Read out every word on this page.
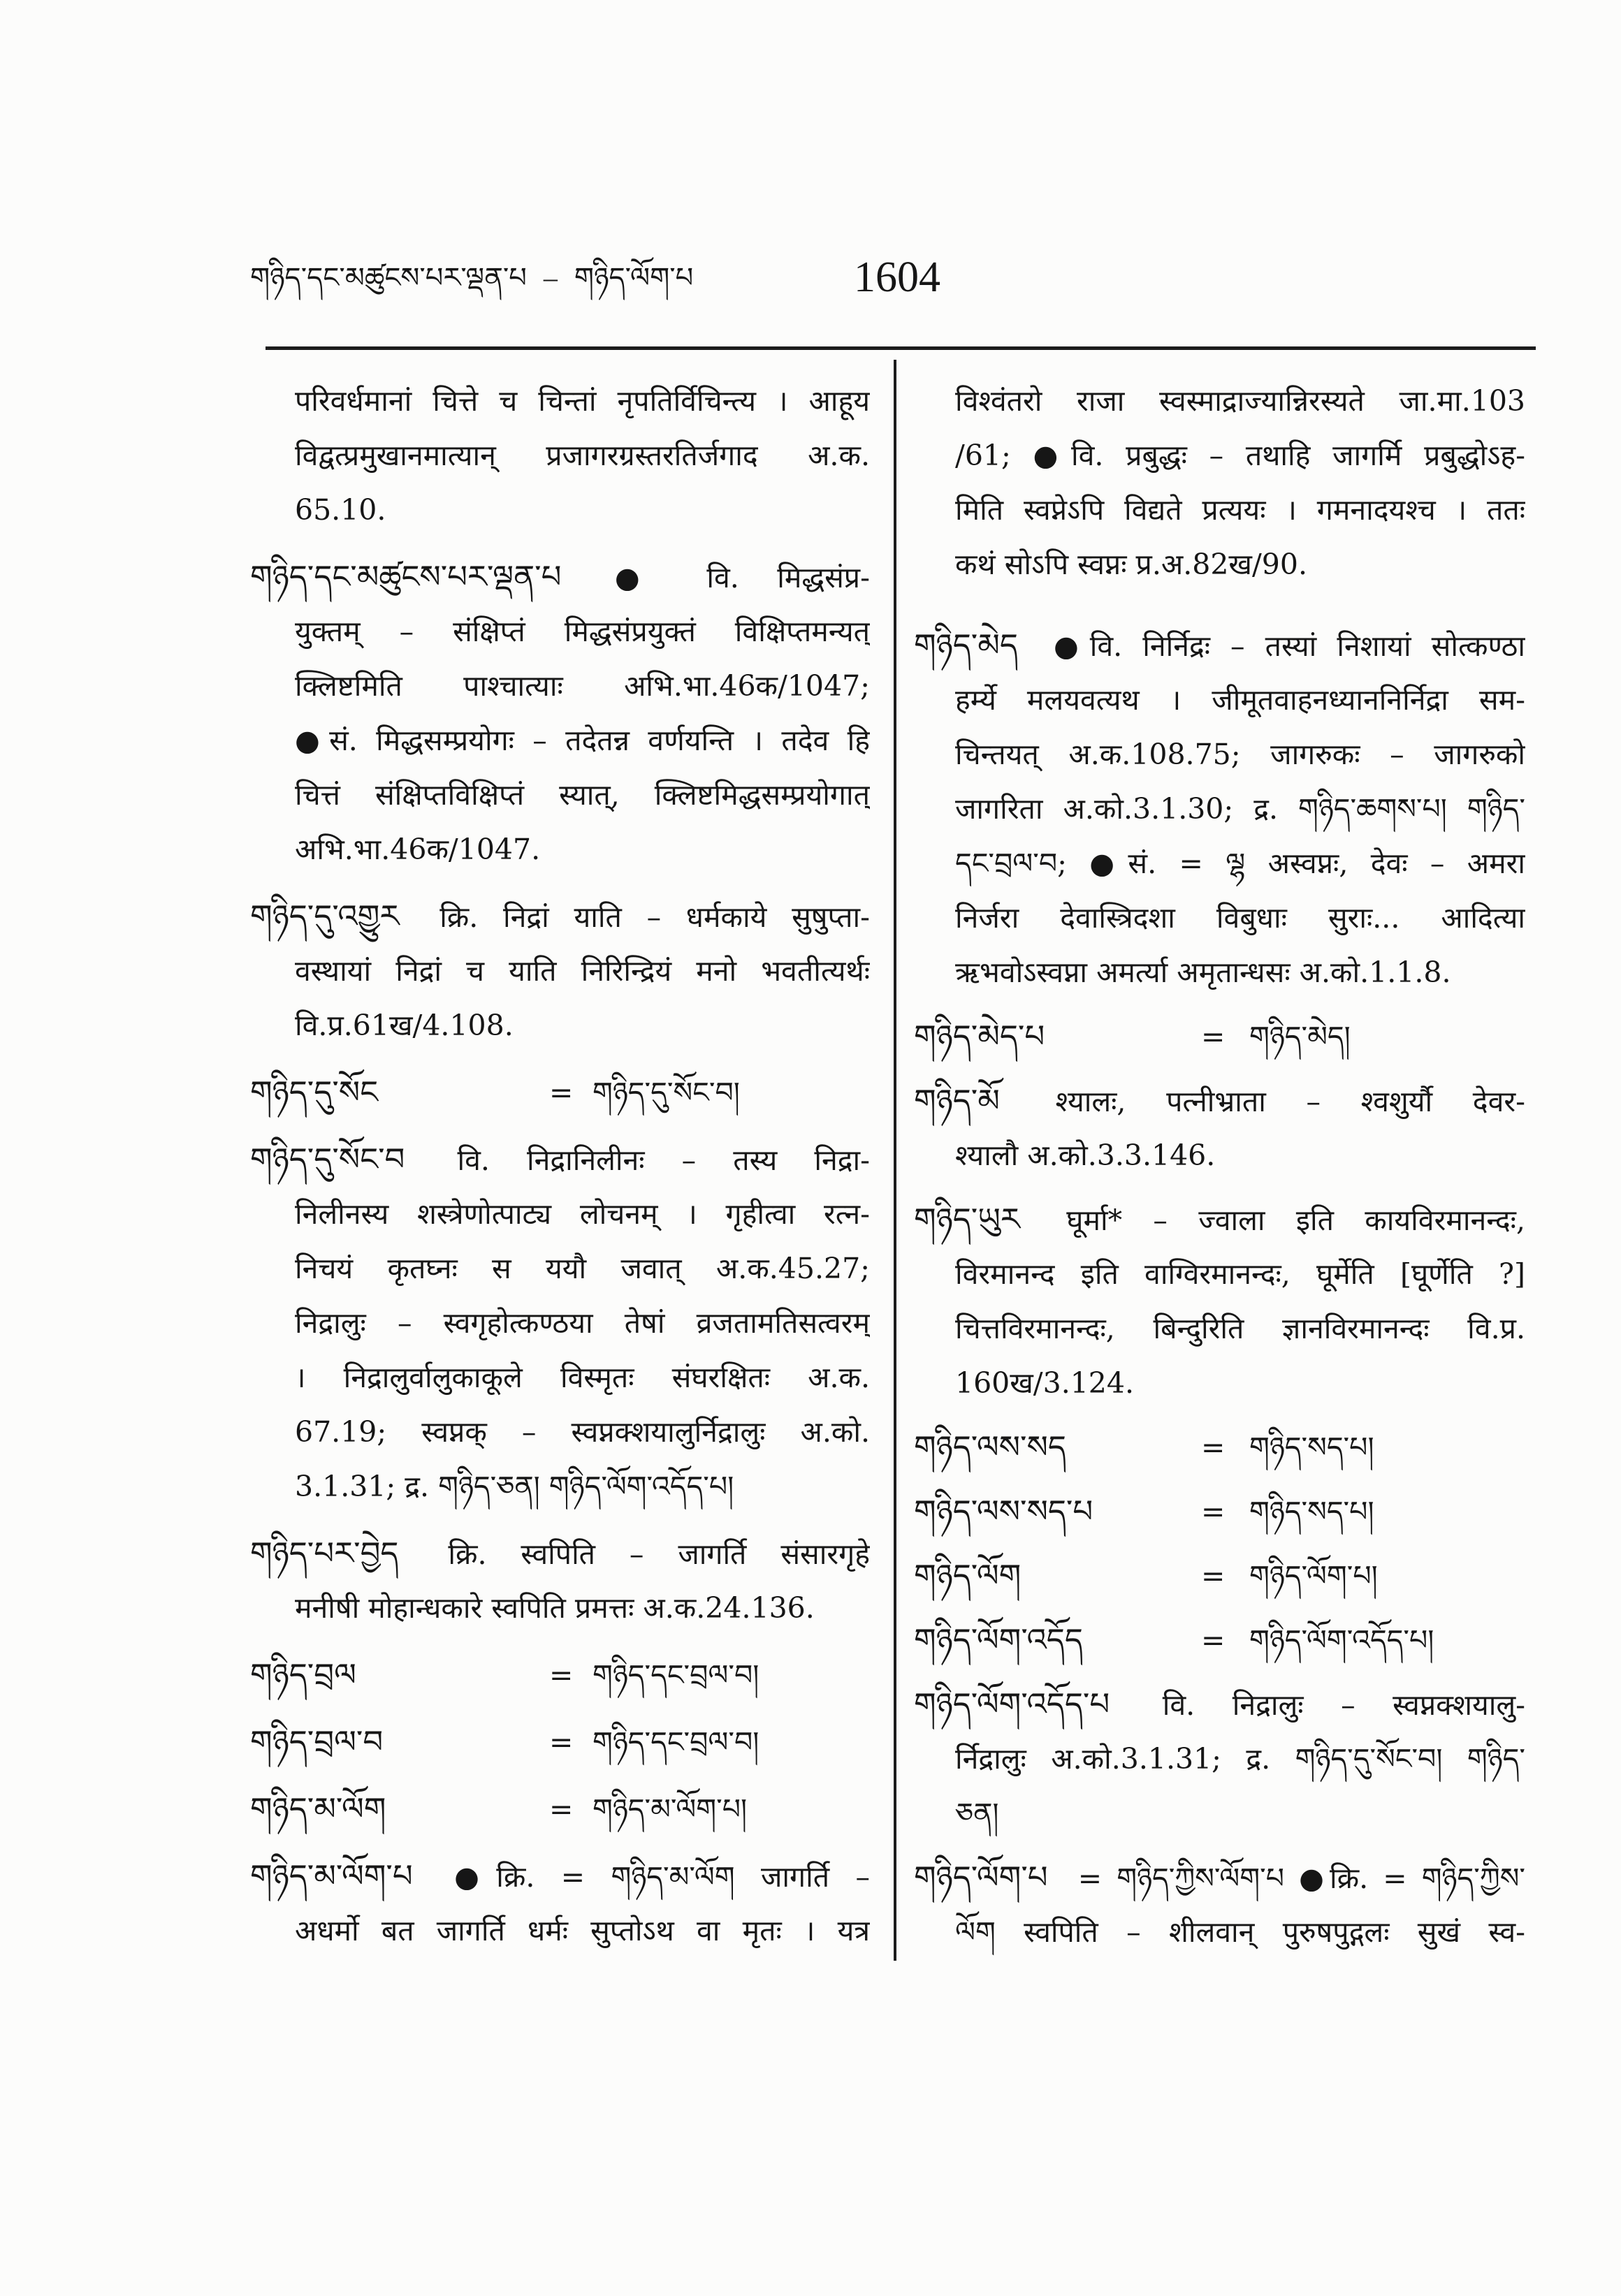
གཉིད་དང་མཚུངས་པར་ལྡན་པ – གཉིད་ལོག་པ	1604
परिवर्धमानां चित्ते च चिन्तां नृपतिर्विचिन्त्य । आहूय
विद्वत्प्रमुखानमात्यान् प्रजागरग्रस्तरतिर्जगाद अ.क.
65.10.
གཉིད་དང་མཚུངས་པར་ལྡན་པ ● वि. मिद्धसंप्र-
युक्तम् – संक्षिप्तं मिद्धसंप्रयुक्तं विक्षिप्तमन्यत्
क्लिष्टमिति पाश्चात्याः अभि.भा.46क/1047;
●सं. मिद्धसम्प्रयोगः – तदेतन्न वर्णयन्ति । तदेव हि
चित्तं संक्षिप्तविक्षिप्तं स्यात्, क्लिष्टमिद्धसम्प्रयोगात्
अभि.भा.46क/1047.
གཉིད་དུ་འགྱུར क्रि. निद्रां याति – धर्मकाये सुषुप्ता-
वस्थायां निद्रां च याति निरिन्द्रियं मनो भवतीत्यर्थः
वि.प्र.61ख/4.108.
གཉིད་དུ་སོང	= གཉིད་དུ་སོང་བ།
གཉིད་དུ་སོང་བ वि. निद्रानिलीनः – तस्य निद्रा-
निलीनस्य शस्त्रेणोत्पाट्य लोचनम् । गृहीत्वा रत्न-
निचयं कृतघ्नः स ययौ जवात् अ.क.45.27;
निद्रालुः – स्वगृहोत्कण्ठया तेषां व्रजतामतिसत्वरम्
। निद्रालुर्वालुकाकूले विस्मृतः संघरक्षितः अ.क.
67.19; स्वप्नक् – स्वप्नक्शयालुर्निद्रालुः अ.को.
3.1.31; द्र. གཉིད་ཅན། གཉིད་ལོག་འདོད་པ།
གཉིད་པར་བྱེད क्रि. स्वपिति – जागर्ति संसारगृहे
मनीषी मोहान्धकारे स्वपिति प्रमत्तः अ.क.24.136.
གཉིད་བྲལ	= གཉིད་དང་བྲལ་བ།
གཉིད་བྲལ་བ	= གཉིད་དང་བྲལ་བ།
གཉིད་མ་ལོག	= གཉིད་མ་ལོག་པ།
གཉིད་མ་ལོག་པ ●क्रि. = གཉིད་མ་ལོག जागर्ति –
अधर्मो बत जागर्ति धर्मः सुप्तोऽथ वा मृतः । यत्र
विश्वंतरो राजा स्वस्माद्राज्यान्निरस्यते जा.मा.103
/61; ●वि. प्रबुद्धः – तथाहि जागर्मि प्रबुद्धोऽह-
मिति स्वप्नेऽपि विद्यते प्रत्ययः । गमनादयश्च । ततः
कथं सोऽपि स्वप्नः प्र.अ.82ख/90.
གཉིད་མེད ●वि. निर्निद्रः – तस्यां निशायां सोत्कण्ठा
हर्म्ये मलयवत्यथ । जीमूतवाहनध्याननिर्निद्रा सम-
चिन्तयत् अ.क.108.75; जागरुकः – जागरुको
जागरिता अ.को.3.1.30; द्र. གཉིད་ཆགས་པ། གཉིད་
དང་བྲལ་བ; ●सं. = ལྷ अस्वप्नः, देवः – अमरा
निर्जरा देवास्त्रिदशा विबुधाः सुराः... आदित्या
ऋभवोऽस्वप्ना अमर्त्या अमृतान्धसः अ.को.1.1.8.
གཉིད་མེད་པ	= གཉིད་མེད།
གཉིད་མོ श्यालः, पत्नीभ्राता – श्वशुर्यौ देवर-
श्यालौ अ.को.3.3.146.
གཉིད་ཡུར घूर्मा* – ज्वाला इति कायविरमानन्दः,
विरमानन्द इति वाग्विरमानन्दः, घूर्मेति [घूर्णेति ?]
चित्तविरमानन्दः, बिन्दुरिति ज्ञानविरमानन्दः वि.प्र.
160ख/3.124.
གཉིད་ལས་སད	= གཉིད་སད་པ།
གཉིད་ལས་སད་པ	= གཉིད་སད་པ།
གཉིད་ལོག	= གཉིད་ལོག་པ།
གཉིད་ལོག་འདོད	= གཉིད་ལོག་འདོད་པ།
གཉིད་ལོག་འདོད་པ वि. निद्रालुः – स्वप्नक्शयालु-
र्निद्रालुः अ.को.3.1.31; द्र. གཉིད་དུ་སོང་བ། གཉིད་
ཅན།
གཉིད་ལོག་པ = གཉིད་ཀྱིས་ལོག་པ ●क्रि. = གཉིད་ཀྱིས་
ལོག स्वपिति – शीलवान् पुरुषपुद्गलः सुखं स्व-
